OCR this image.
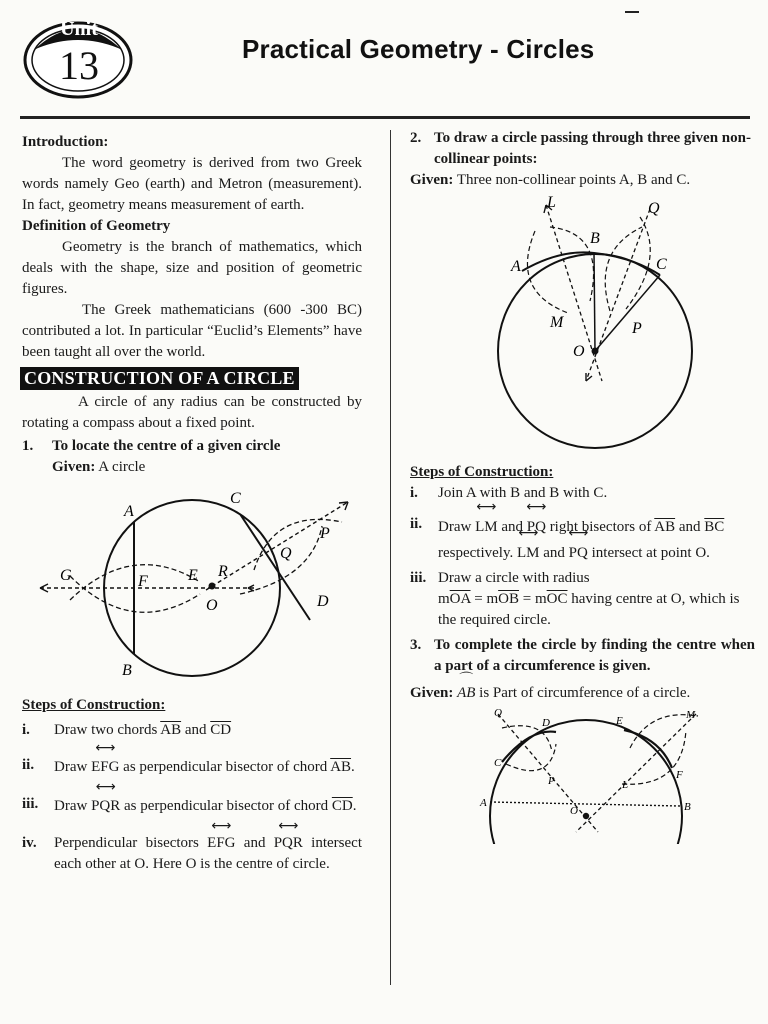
Unit
13	Practical Geometry - Circles

Introduction:

The word geometry is derived from two Greek words namely Geo (earth) and Metron (measurement). In fact, geometry means measurement of earth.

Definition of Geometry

Geometry is the branch of mathematics, which deals with the shape, size and position of geometric figures.

The Greek mathematicians (600 -300 BC) contributed a lot. In particular “Euclid’s Elements” have been taught all over the world.

CONSTRUCTION OF A CIRCLE

A circle of any radius can be constructed by rotating a compass about a fixed point.

1.	To locate the centre of a given circle

Given: A circle

A
B
C
D
E
F
G
O
P
Q
R

Steps of Construction:

i.	Draw two chords $\overline{AB}$ and $\overline{CD}$
ii.	Draw ⟷ EFG as perpendicular bisector of chord $\overline{AB}$.
iii.	Draw ⟷ PQR as perpendicular bisector of chord $\overline{CD}$.
iv.	Perpendicular bisectors ⟷ EFG and ⟷ PQR intersect each other at O. Here O is the centre of circle.
2. To draw a circle passing through three given non-collinear points:

Given: Three non-collinear points A, B and C.

A
B
C
L
M
O
P
Q

Steps of Construction:

i.	Join A with B and B with C.
ii.	Draw ⟷ LM and ⟷ PQ right bisectors of $\overline{AB}$ and $\overline{BC}$ respectively. ⟷ LM and ⟷ PQ intersect at point O.
iii. Draw a circle with radius
$m\overline{OA} = m\overline{OB} = m\overline{OC}$ having centre at O, which is the required circle.
3. To complete the circle by finding the centre when a part of a circumference is given.

Given: ⌒ AB is Part of circumference of a circle.

A	B
C
D	E
F
L
M
O
P
Q
